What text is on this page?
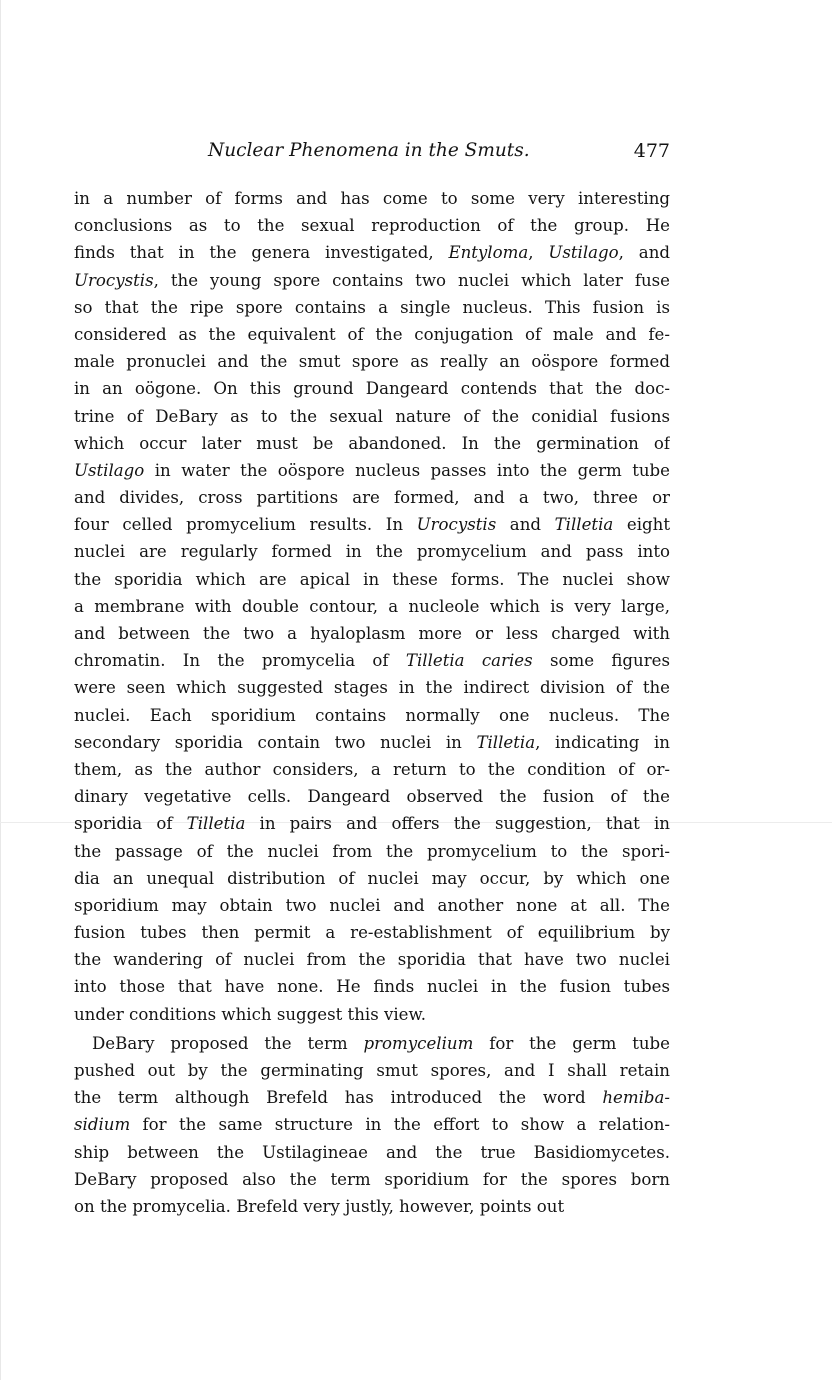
Nuclear Phenomena in the Smuts.	477
in a number of forms and has come to some very interesting
conclusions as to the sexual reproduction of the group. He
finds that in the genera investigated, Entyloma, Ustilago, and
Urocystis, the young spore contains two nuclei which later fuse
so that the ripe spore contains a single nucleus. This fusion is
considered as the equivalent of the conjugation of male and fe-
male pronuclei and the smut spore as really an oöspore formed
in an oögone. On this ground Dangeard contends that the doc-
trine of DeBary as to the sexual nature of the conidial fusions
which occur later must be abandoned. In the germination of
Ustilago in water the oöspore nucleus passes into the germ tube
and divides, cross partitions are formed, and a two, three or
four celled promycelium results. In Urocystis and Tilletia eight
nuclei are regularly formed in the promycelium and pass into
the sporidia which are apical in these forms. The nuclei show
a membrane with double contour, a nucleole which is very large,
and between the two a hyaloplasm more or less charged with
chromatin. In the promycelia of Tilletia caries some figures
were seen which suggested stages in the indirect division of the
nuclei. Each sporidium contains normally one nucleus. The
secondary sporidia contain two nuclei in Tilletia, indicating in
them, as the author considers, a return to the condition of or-
dinary vegetative cells. Dangeard observed the fusion of the
sporidia of Tilletia in pairs and offers the suggestion, that in
the passage of the nuclei from the promycelium to the spori-
dia an unequal distribution of nuclei may occur, by which one
sporidium may obtain two nuclei and another none at all. The
fusion tubes then permit a re-establishment of equilibrium by
the wandering of nuclei from the sporidia that have two nuclei
into those that have none. He finds nuclei in the fusion tubes
under conditions which suggest this view.
DeBary proposed the term promycelium for the germ tube
pushed out by the germinating smut spores, and I shall retain
the term although Brefeld has introduced the word hemiba-
sidium for the same structure in the effort to show a relation-
ship between the Ustilagineae and the true Basidiomycetes.
DeBary proposed also the term sporidium for the spores born
on the promycelia. Brefeld very justly, however, points out
